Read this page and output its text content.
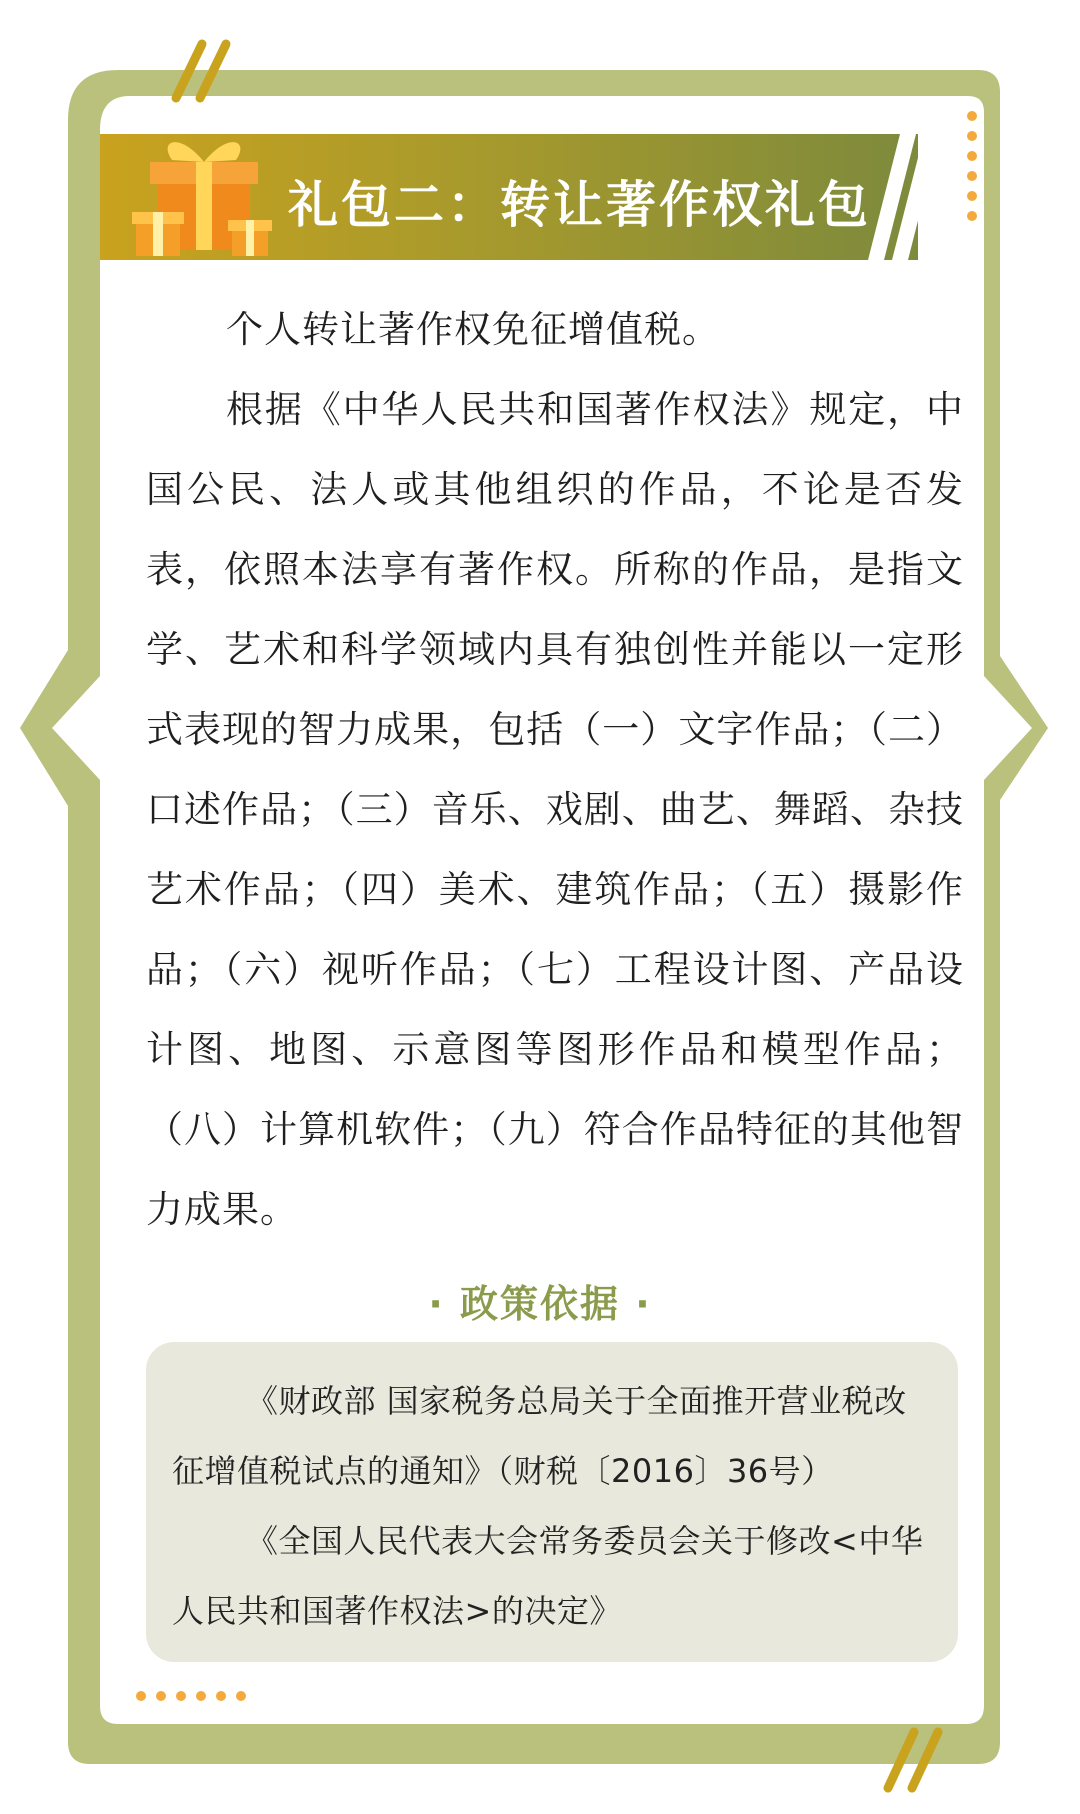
礼包二：转让著作权礼包

个人转让著作权免征增值税。

根据《中华人民共和国著作权法》规定，中国公民、法人或其他组织的作品，不论是否发表，依照本法享有著作权。所称的作品，是指文学、艺术和科学领域内具有独创性并能以一定形式表现的智力成果，包括（一）文字作品；（二）口述作品；（三）音乐、戏剧、曲艺、舞蹈、杂技艺术作品；（四）美术、建筑作品；（五）摄影作品；（六）视听作品；（七）工程设计图、产品设计图、地图、示意图等图形作品和模型作品；（八）计算机软件；（九）符合作品特征的其他智力成果。

· 政策依据 ·

《财政部 国家税务总局关于全面推开营业税改征增值税试点的通知》（财税〔2016〕36号）

《全国人民代表大会常务委员会关于修改<中华人民共和国著作权法>的决定》
